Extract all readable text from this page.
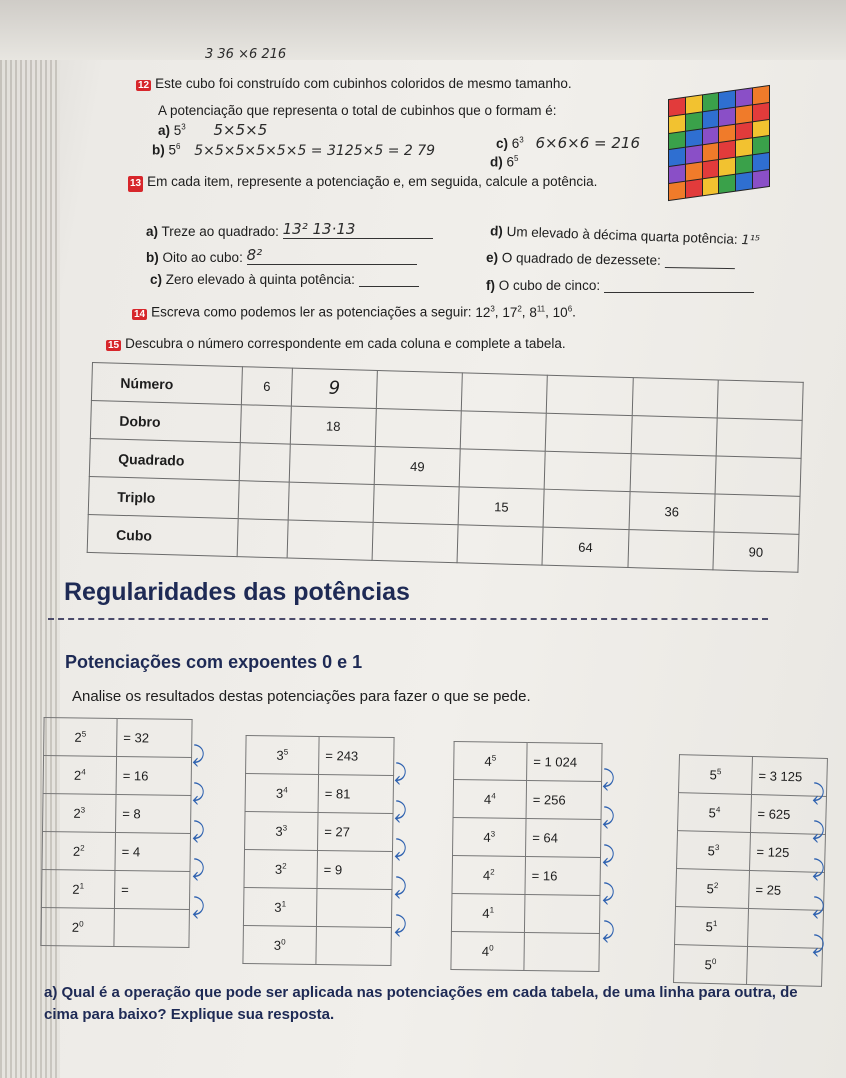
3 36 ×6 216
12 Este cubo foi construído com cubinhos coloridos de mesmo tamanho.
A potenciação que representa o total de cubinhos que o formam é:
a) $5^3$ 5×5×5
b) $5^6$ 5×5×5×5×5×5 = 3125×5 = 2 79	c) $6^3$ 6×6×6 = 216
d) $6^5$
13 Em cada item, represente a potenciação e, em seguida, calcule a potência.
a) Treze ao quadrado: 13² 13·13
b) Oito ao cubo: 8²
c) Zero elevado à quinta potência:
d) Um elevado à décima quarta potência: 1¹⁵
e) O quadrado de dezessete:
f) O cubo de cinco:
14 Escreva como podemos ler as potenciações a seguir: $12^3$, $17^2$, $8^{11}$, $10^6$.
15 Descubra o número correspondente em cada coluna e complete a tabela.
Número	6	9					
Dobro		18					
Quadrado			49				
Triplo				15		36	
Cubo					64		90
Regularidades das potências
Potenciações com expoentes 0 e 1
Analise os resultados destas potenciações para fazer o que se pede.
$2^5$	= 32
$2^4$	= 16
$2^3$	= 8
$2^2$	= 4
$2^1$	=
$2^0$	
⤸
⤸
⤸
⤸
⤸
$3^5$	= 243
$3^4$	= 81
$3^3$	= 27
$3^2$	= 9
$3^1$	
$3^0$	
⤸
⤸
⤸
⤸
⤸
$4^5$	= 1 024
$4^4$	= 256
$4^3$	= 64
$4^2$	= 16
$4^1$	
$4^0$	
⤸
⤸
⤸
⤸
⤸
$5^5$	= 3 125
$5^4$	= 625
$5^3$	= 125
$5^2$	= 25
$5^1$	
$5^0$	
⤸
⤸
⤸
⤸
⤸
a) Qual é a operação que pode ser aplicada nas potenciações em cada tabela, de uma linha para outra, de cima para baixo? Explique sua resposta.
